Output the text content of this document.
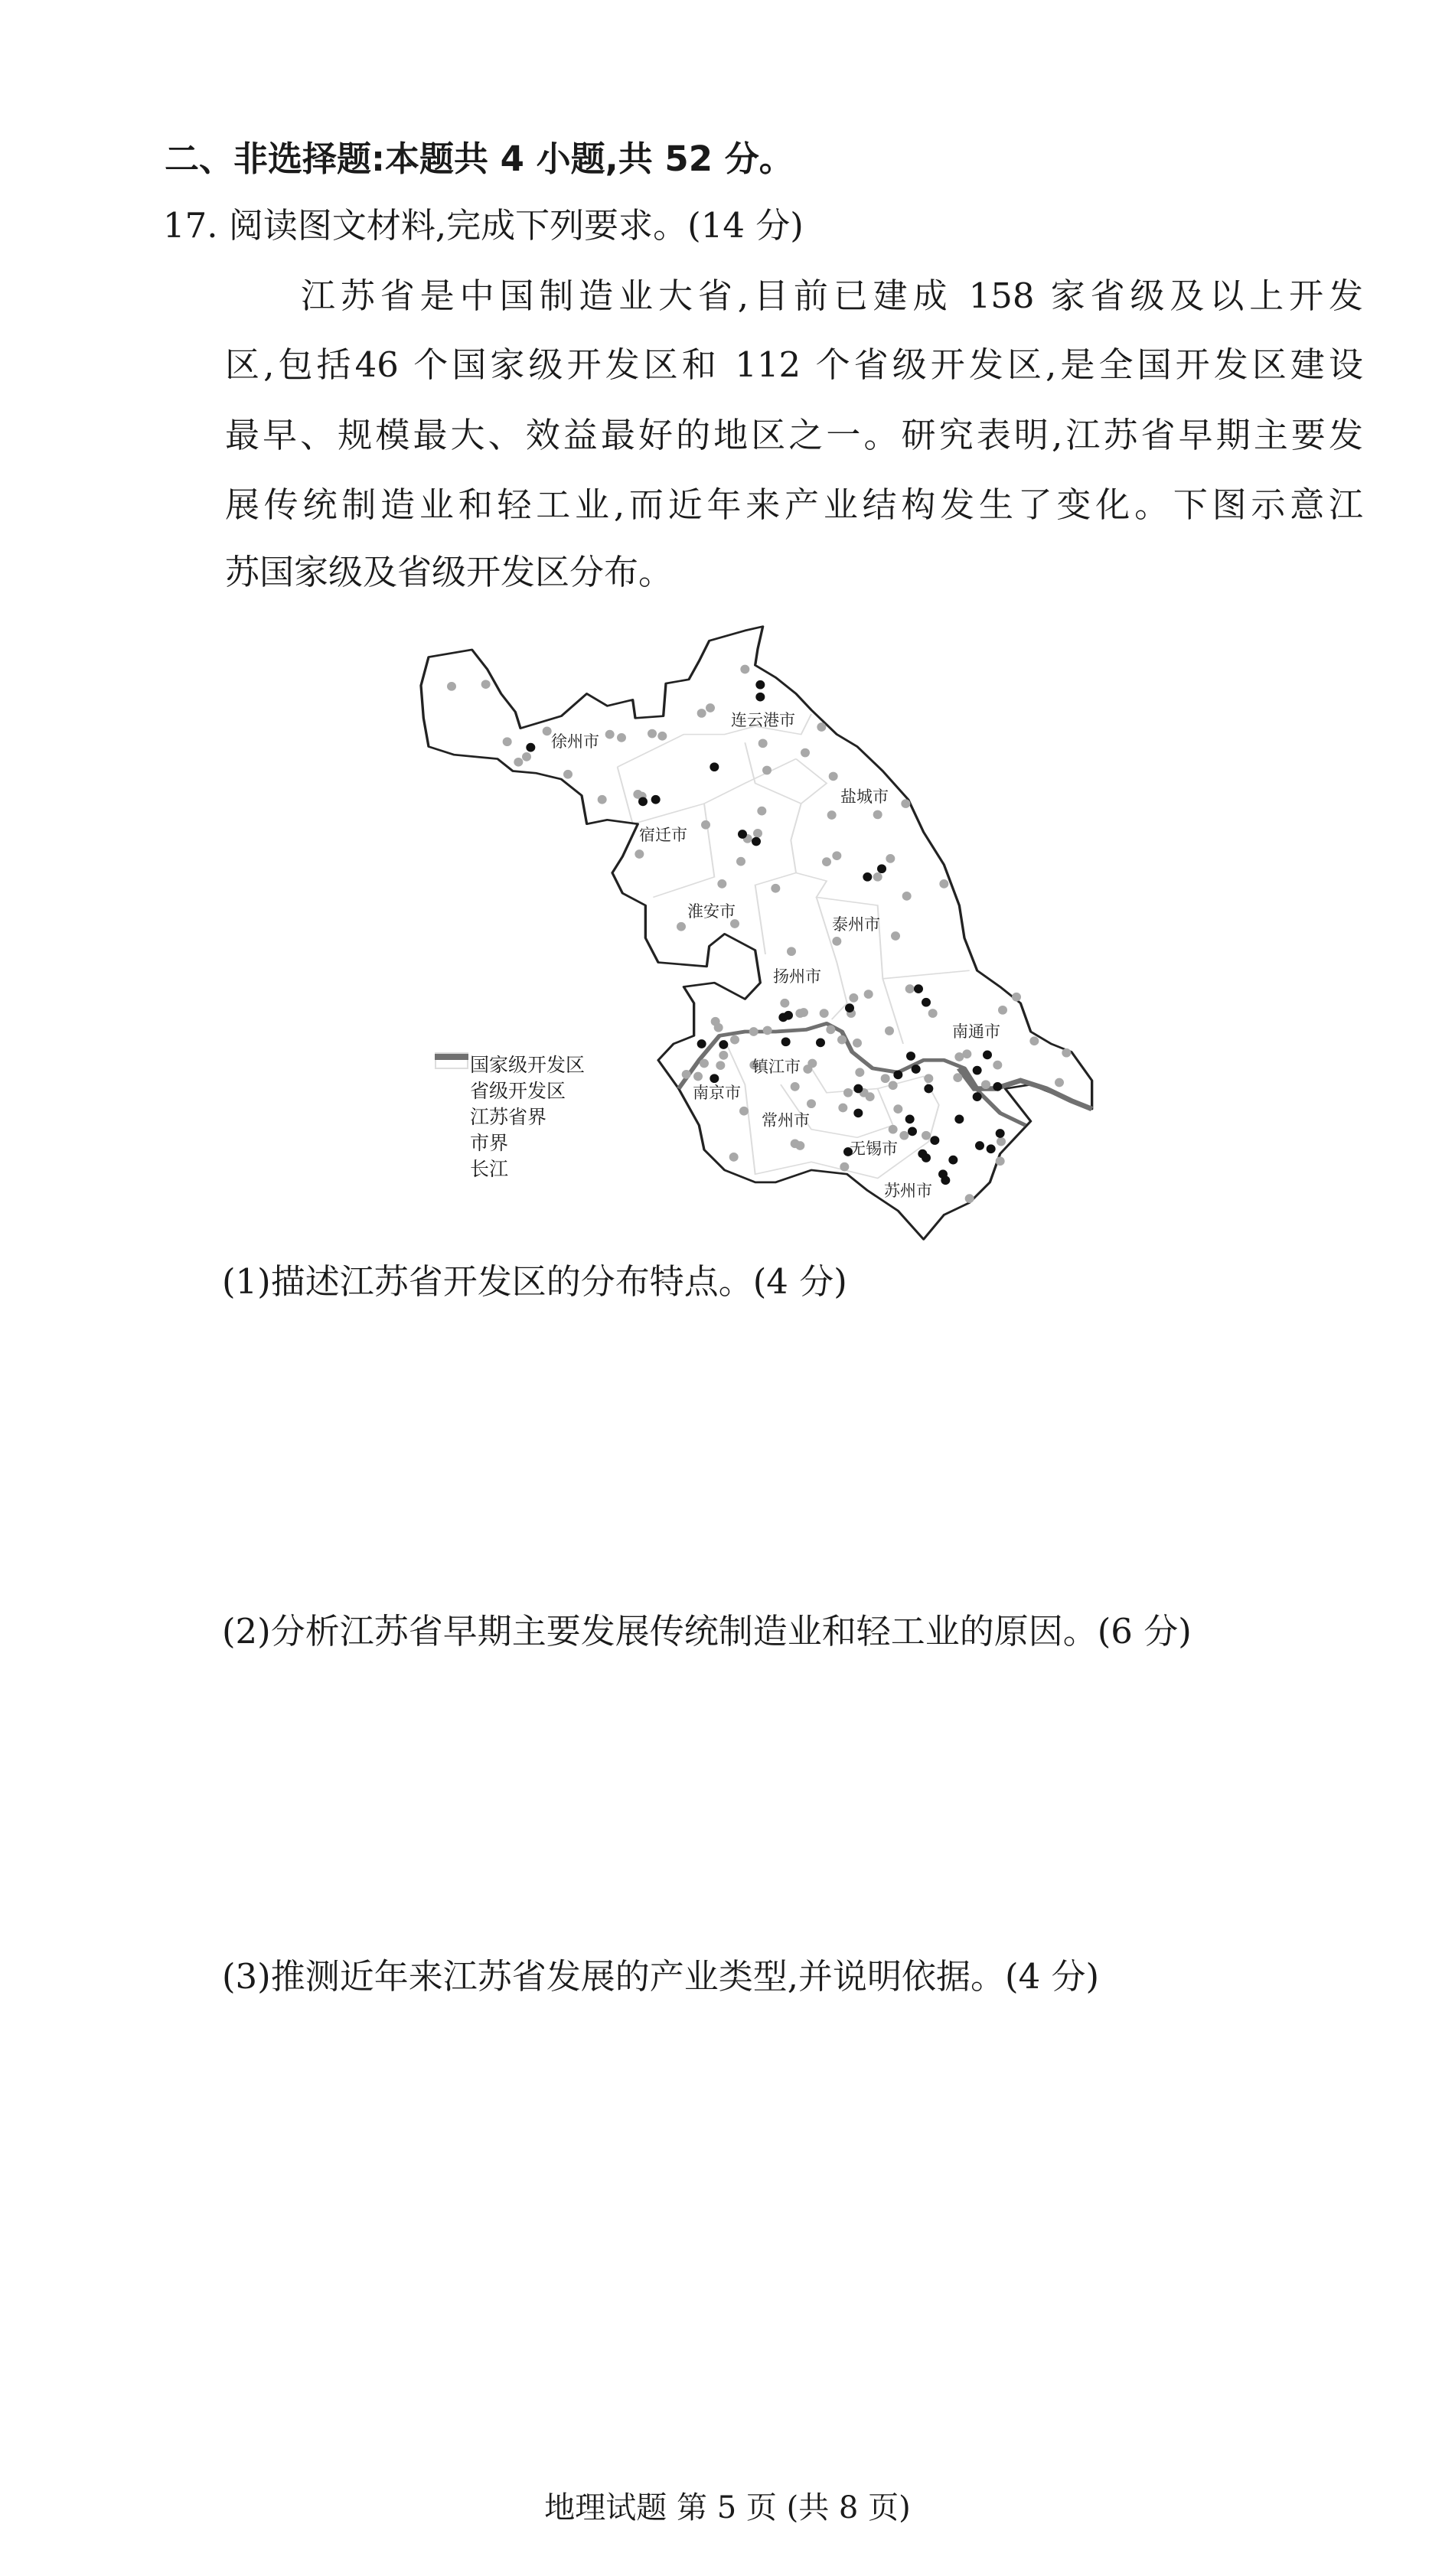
二、非选择题:本题共 4 小题,共 52 分。
17. 阅读图文材料,完成下列要求。(14 分)
江苏省是中国制造业大省,目前已建成 158 家省级及以上开发
区,包括46 个国家级开发区和 112 个省级开发区,是全国开发区建设
最早、规模最大、效益最好的地区之一。研究表明,江苏省早期主要发
展传统制造业和轻工业,而近年来产业结构发生了变化。下图示意江
苏国家级及省级开发区分布。
徐州市
连云港市
宿迁市
盐城市
淮安市
泰州市
扬州市
南通市
镇江市
南京市
常州市
无锡市
苏州市
国家级开发区
省级开发区
江苏省界
市界
长江
(1)描述江苏省开发区的分布特点。(4 分)
(2)分析江苏省早期主要发展传统制造业和轻工业的原因。(6 分)
(3)推测近年来江苏省发展的产业类型,并说明依据。(4 分)
地理试题 第 5 页 (共 8 页)
